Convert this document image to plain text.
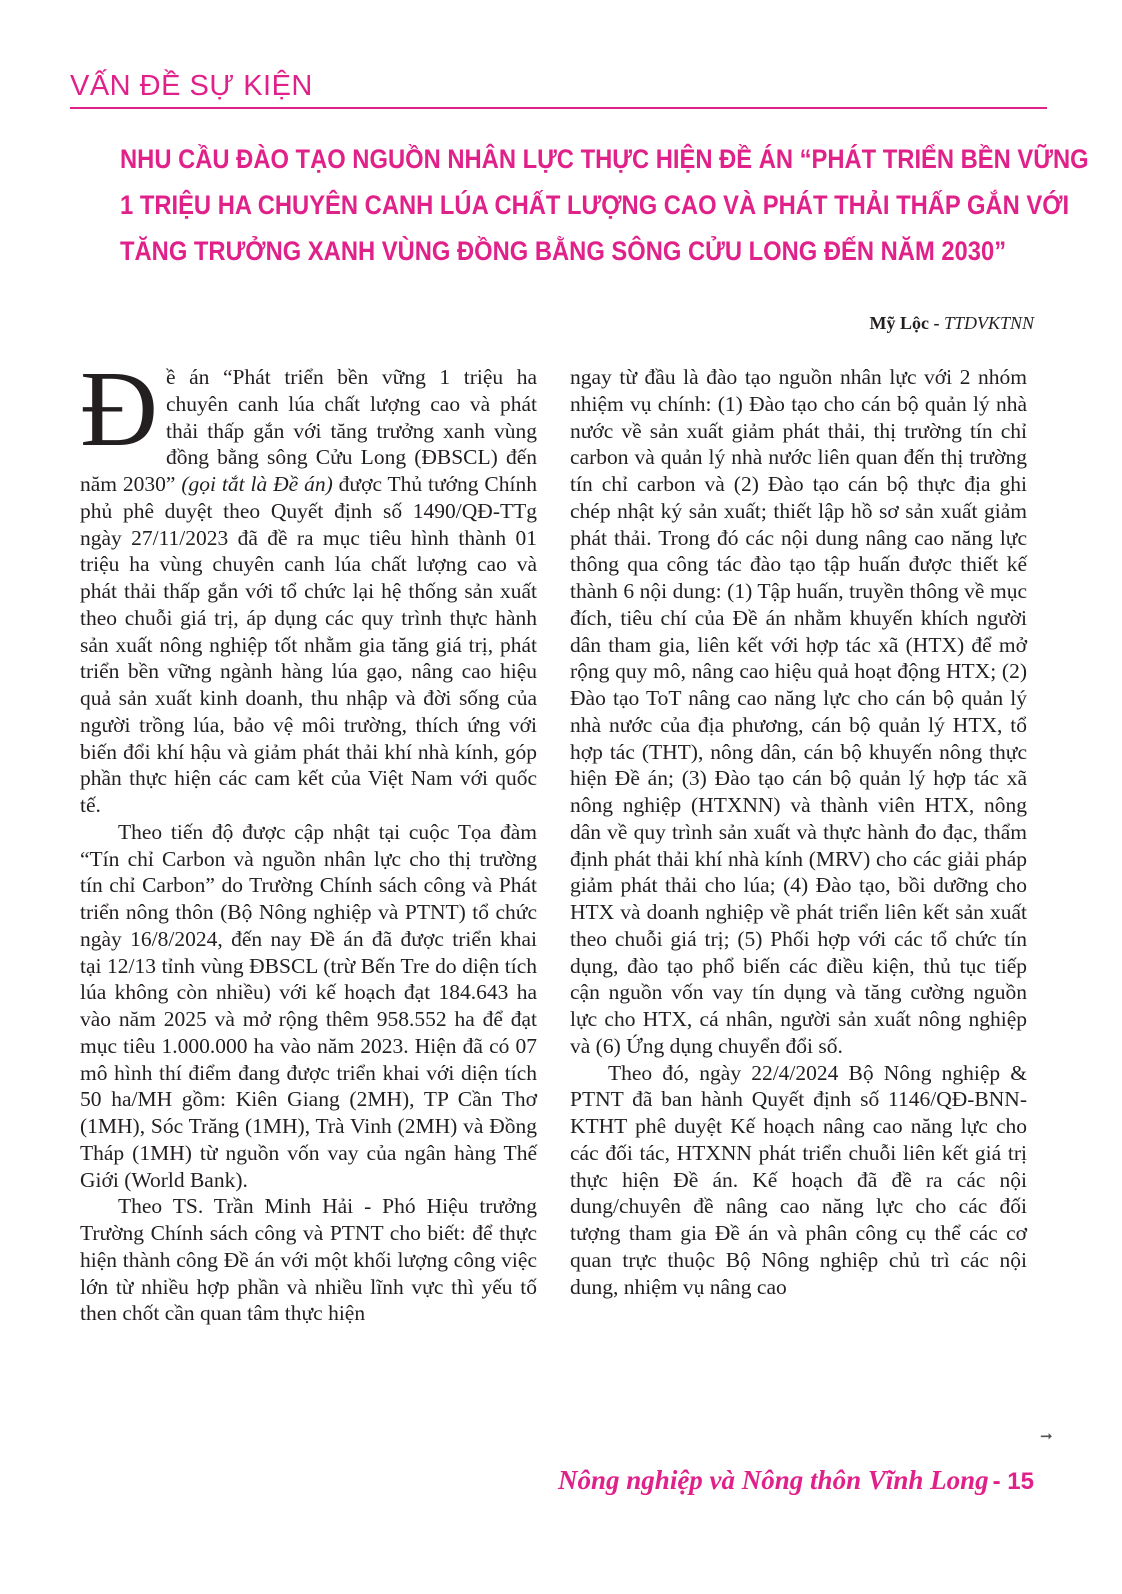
VẤN ĐỀ SỰ KIỆN
NHU CẦU ĐÀO TẠO NGUỒN NHÂN LỰC THỰC HIỆN ĐỀ ÁN “PHÁT TRIỂN BỀN VỮNG
1 TRIỆU HA CHUYÊN CANH LÚA CHẤT LƯỢNG CAO VÀ PHÁT THẢI THẤP GẮN VỚI
TĂNG TRƯỞNG XANH VÙNG ĐỒNG BẰNG SÔNG CỬU LONG ĐẾN NĂM 2030”
Mỹ Lộc - TTDVKTNN

Đề án “Phát triển bền vững 1 triệu ha chuyên canh lúa chất lượng cao và phát thải thấp gắn với tăng trưởng xanh vùng đồng bằng sông Cửu Long (ĐBSCL) đến năm 2030” (gọi tắt là Đề án) được Thủ tướng Chính phủ phê duyệt theo Quyết định số 1490/QĐ-TTg ngày 27/11/2023 đã đề ra mục tiêu hình thành 01 triệu ha vùng chuyên canh lúa chất lượng cao và phát thải thấp gắn với tổ chức lại hệ thống sản xuất theo chuỗi giá trị, áp dụng các quy trình thực hành sản xuất nông nghiệp tốt nhằm gia tăng giá trị, phát triển bền vững ngành hàng lúa gạo, nâng cao hiệu quả sản xuất kinh doanh, thu nhập và đời sống của người trồng lúa, bảo vệ môi trường, thích ứng với biến đổi khí hậu và giảm phát thải khí nhà kính, góp phần thực hiện các cam kết của Việt Nam với quốc tế.

Theo tiến độ được cập nhật tại cuộc Tọa đàm “Tín chỉ Carbon và nguồn nhân lực cho thị trường tín chỉ Carbon” do Trường Chính sách công và Phát triển nông thôn (Bộ Nông nghiệp và PTNT) tổ chức ngày 16/8/2024, đến nay Đề án đã được triển khai tại 12/13 tỉnh vùng ĐBSCL (trừ Bến Tre do diện tích lúa không còn nhiều) với kế hoạch đạt 184.643 ha vào năm 2025 và mở rộng thêm 958.552 ha để đạt mục tiêu 1.000.000 ha vào năm 2023. Hiện đã có 07 mô hình thí điểm đang được triển khai với diện tích 50 ha/MH gồm: Kiên Giang (2MH), TP Cần Thơ (1MH), Sóc Trăng (1MH), Trà Vinh (2MH) và Đồng Tháp (1MH) từ nguồn vốn vay của ngân hàng Thế Giới (World Bank).

Theo TS. Trần Minh Hải - Phó Hiệu trưởng Trường Chính sách công và PTNT cho biết: để thực hiện thành công Đề án với một khối lượng công việc lớn từ nhiều hợp phần và nhiều lĩnh vực thì yếu tố then chốt cần quan tâm thực hiện

ngay từ đầu là đào tạo nguồn nhân lực với 2 nhóm nhiệm vụ chính: (1) Đào tạo cho cán bộ quản lý nhà nước về sản xuất giảm phát thải, thị trường tín chỉ carbon và quản lý nhà nước liên quan đến thị trường tín chỉ carbon và (2) Đào tạo cán bộ thực địa ghi chép nhật ký sản xuất; thiết lập hồ sơ sản xuất giảm phát thải. Trong đó các nội dung nâng cao năng lực thông qua công tác đào tạo tập huấn được thiết kế thành 6 nội dung: (1) Tập huấn, truyền thông về mục đích, tiêu chí của Đề án nhằm khuyến khích người dân tham gia, liên kết với hợp tác xã (HTX) để mở rộng quy mô, nâng cao hiệu quả hoạt động HTX; (2) Đào tạo ToT nâng cao năng lực cho cán bộ quản lý nhà nước của địa phương, cán bộ quản lý HTX, tổ hợp tác (THT), nông dân, cán bộ khuyến nông thực hiện Đề án; (3) Đào tạo cán bộ quản lý hợp tác xã nông nghiệp (HTXNN) và thành viên HTX, nông dân về quy trình sản xuất và thực hành đo đạc, thẩm định phát thải khí nhà kính (MRV) cho các giải pháp giảm phát thải cho lúa; (4) Đào tạo, bồi dưỡng cho HTX và doanh nghiệp về phát triển liên kết sản xuất theo chuỗi giá trị; (5) Phối hợp với các tổ chức tín dụng, đào tạo phổ biến các điều kiện, thủ tục tiếp cận nguồn vốn vay tín dụng và tăng cường nguồn lực cho HTX, cá nhân, người sản xuất nông nghiệp và (6) Ứng dụng chuyển đổi số.

Theo đó, ngày 22/4/2024 Bộ Nông nghiệp & PTNT đã ban hành Quyết định số 1146/QĐ-BNN-KTHT phê duyệt Kế hoạch nâng cao năng lực cho các đối tác, HTXNN phát triển chuỗi liên kết giá trị thực hiện Đề án. Kế hoạch đã đề ra các nội dung/chuyên đề nâng cao năng lực cho các đối tượng tham gia Đề án và phân công cụ thể các cơ quan trực thuộc Bộ Nông nghiệp chủ trì các nội dung, nhiệm vụ nâng cao

➞
Nông nghiệp và Nông thôn Vĩnh Long - 15
